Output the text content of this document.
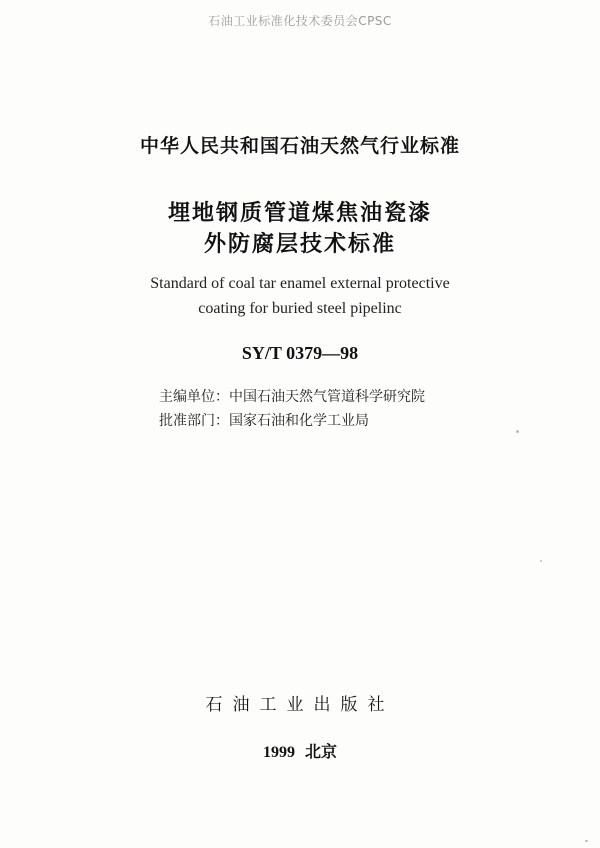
石油工业标准化技术委员会CPSC
中华人民共和国石油天然气行业标准
埋地钢质管道煤焦油瓷漆
外防腐层技术标准
Standard of coal tar enamel external protective
coating for buried steel pipelinc
SY/T 0379—98
主编单位：中国石油天然气管道科学研究院
批准部门：国家石油和化学工业局
石油工业出版社
1999 北京
